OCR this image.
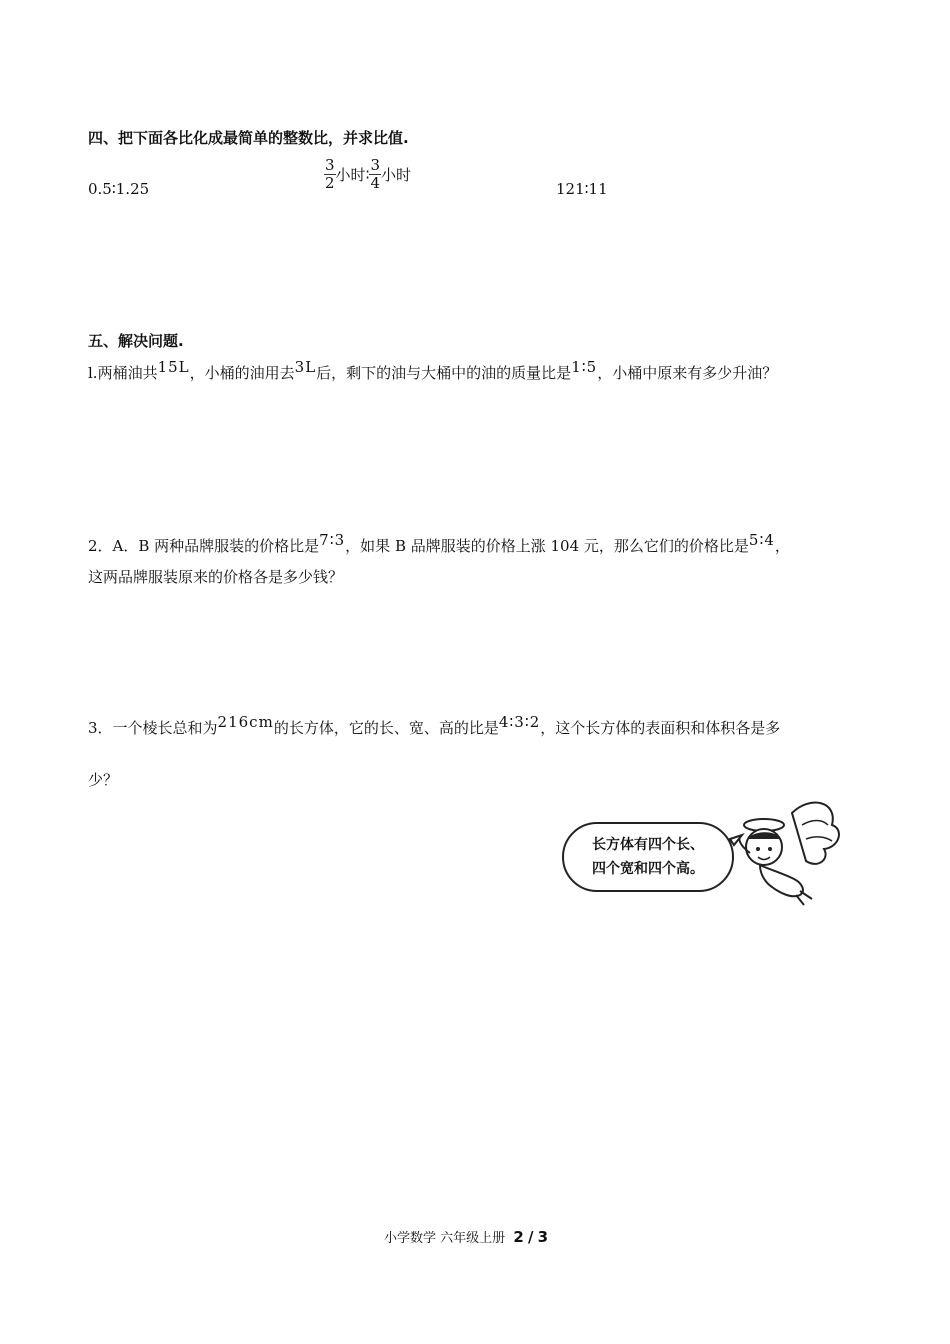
四、把下面各比化成最简单的整数比，并求比值.
0.5∶1.25	$\frac{3}{2}$ 小时∶ $\frac{3}{4}$ 小时
121∶11
五、解决问题.
l.两桶油共15L，小桶的油用去3L后，剩下的油与大桶中的油的质量比是1∶5，小桶中原来有多少升油？
2．A．B 两种品牌服装的价格比是7∶3，如果 B 品牌服装的价格上涨 104 元，那么它们的价格比是5∶4，
这两品牌服装原来的价格各是多少钱？
3．一个棱长总和为216cm的长方体，它的长、宽、高的比是4∶3∶2，这个长方体的表面积和体积各是多
少？
长方体有四个长、
四个宽和四个高。
小学数学 六年级上册 2 / 3
